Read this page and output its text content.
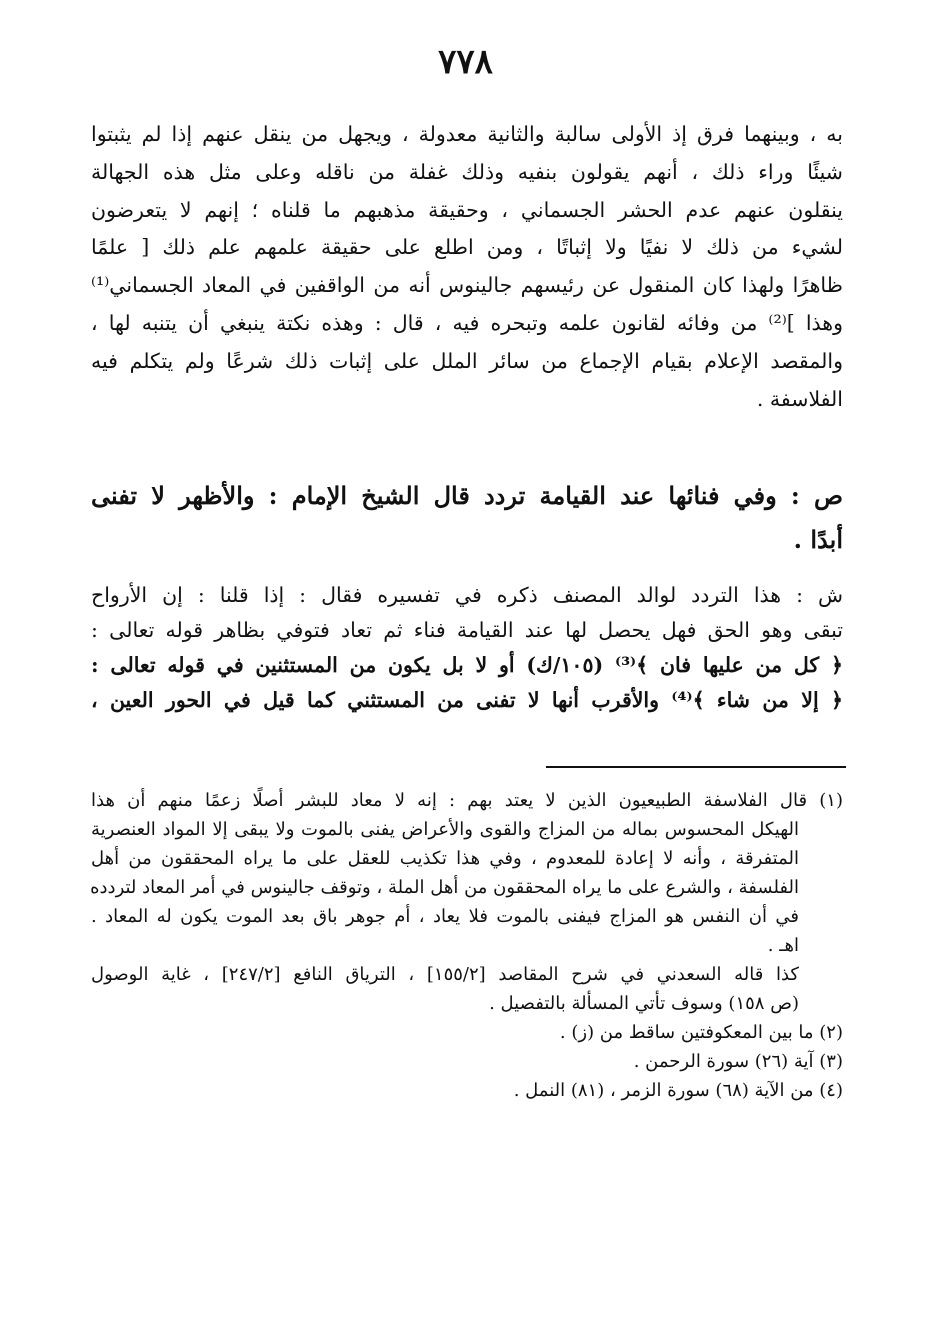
٧٧٨
به ، وبينهما فرق إذ الأولى سالبة والثانية معدولة ، ويجهل من ينقل عنهم إذا لم يثبتوا
شيئًا وراء ذلك ، أنهم يقولون بنفيه وذلك غفلة من ناقله وعلى مثل هذه الجهالة
ينقلون عنهم عدم الحشر الجسماني ، وحقيقة مذهبهم ما قلناه ؛ إنهم لا يتعرضون
لشيء من ذلك لا نفيًا ولا إثباتًا ، ومن اطلع على حقيقة علمهم علم ذلك [ علمًا
ظاهرًا ولهذا كان المنقول عن رئيسهم جالينوس أنه من الواقفين في المعاد الجسماني⁽¹⁾
وهذا ]⁽²⁾ من وفائه لقانون علمه وتبحره فيه ، قال : وهذه نكتة ينبغي أن يتنبه لها ،
والمقصد الإعلام بقيام الإجماع من سائر الملل على إثبات ذلك شرعًا ولم يتكلم فيه
الفلاسفة .
ص : وفي فنائها عند القيامة تردد قال الشيخ الإمام : والأظهر لا تفنى
أبدًا .
ش : هذا التردد لوالد المصنف ذكره في تفسيره فقال : إذا قلنا : إن الأرواح
تبقى وهو الحق فهل يحصل لها عند القيامة فناء ثم تعاد فتوفي بظاهر قوله تعالى :
﴿ كل من عليها فان ﴾⁽³⁾ (١٠٥/ك) أو لا بل يكون من المستثنين في قوله تعالى :
﴿ إلا من شاء ﴾⁽⁴⁾ والأقرب أنها لا تفنى من المستثني كما قيل في الحور العين ،
(١) قال الفلاسفة الطبيعيون الذين لا يعتد بهم : إنه لا معاد للبشر أصلًا زعمًا منهم أن هذا
الهيكل المحسوس بماله من المزاج والقوى والأعراض يفنى بالموت ولا يبقى إلا المواد العنصرية
المتفرقة ، وأنه لا إعادة للمعدوم ، وفي هذا تكذيب للعقل على ما يراه المحققون من أهل
الفلسفة ، والشرع على ما يراه المحققون من أهل الملة ، وتوقف جالينوس في أمر المعاد لتردده
في أن النفس هو المزاج فيفنى بالموت فلا يعاد ، أم جوهر باق بعد الموت يكون له المعاد .
اهـ .
كذا قاله السعدني في شرح المقاصد [١٥٥/٢] ، الترياق النافع [٢٤٧/٢] ، غاية الوصول
(ص ١٥٨) وسوف تأتي المسألة بالتفصيل .
(٢) ما بين المعكوفتين ساقط من (ز) .
(٣) آية (٢٦) سورة الرحمن .
(٤) من الآية (٦٨) سورة الزمر ، (٨١) النمل .
